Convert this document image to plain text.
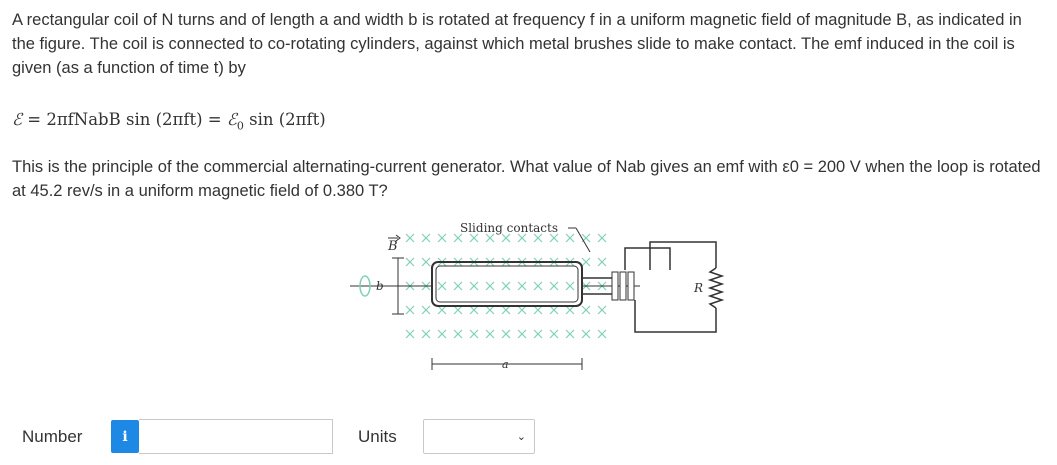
A rectangular coil of N turns and of length a and width b is rotated at frequency f in a uniform magnetic field of magnitude B, as indicated in the figure. The coil is connected to co-rotating cylinders, against which metal brushes slide to make contact. The emf induced in the coil is given (as a function of time t) by
ℰ = 2πfNabB sin (2πft) = ℰ$_0$ sin (2πft)
This is the principle of the commercial alternating-current generator. What value of Nab gives an emf with ε0 = 200 V when the loop is rotated at 45.2 rev/s in a uniform magnetic field of 0.380 T?
Sliding contacts
B
b
a
R
Number	i	Units	⌄
